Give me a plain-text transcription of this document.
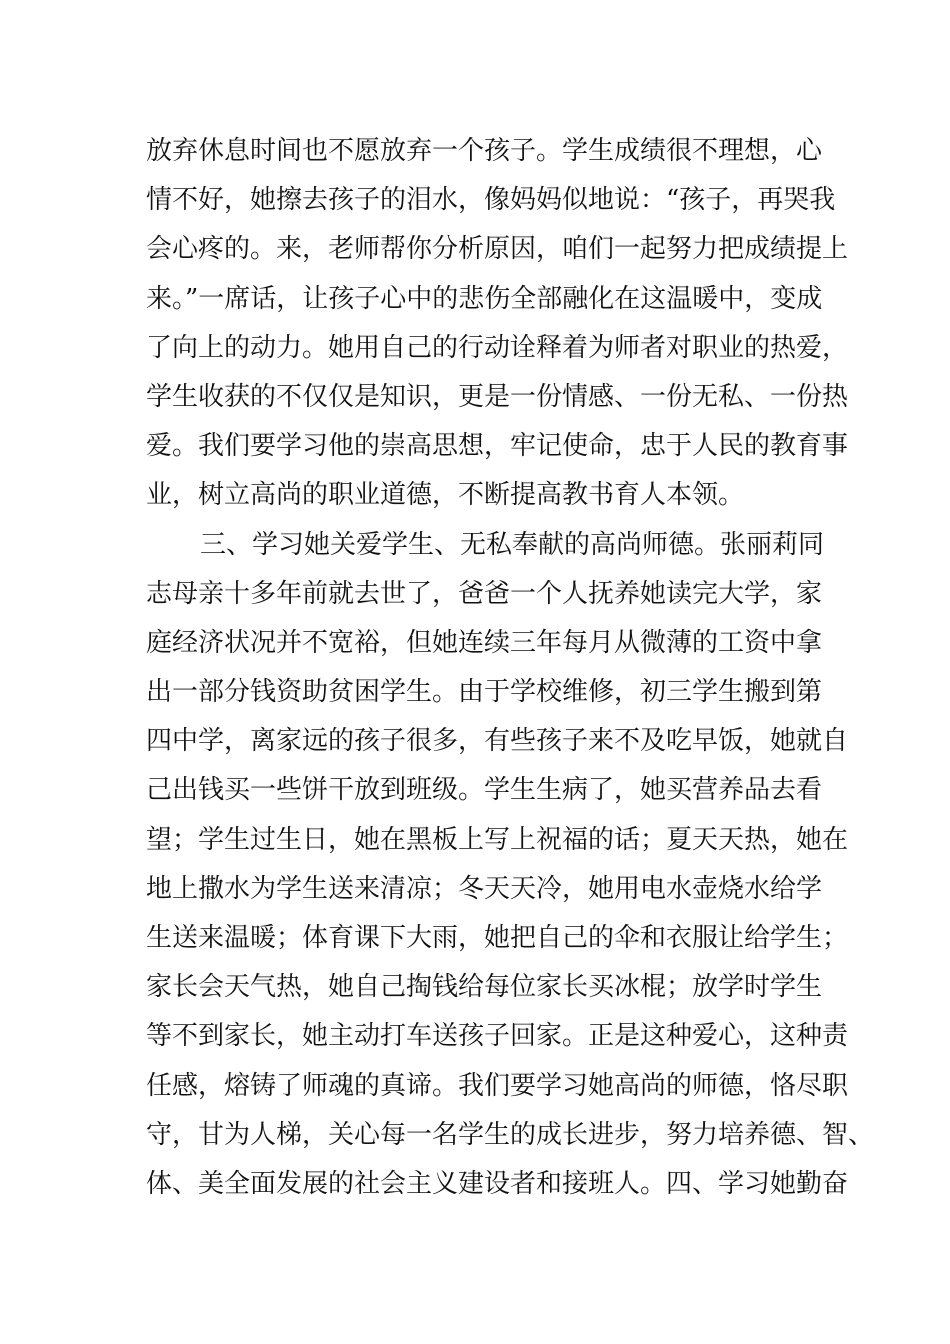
放弃休息时间也不愿放弃一个孩子。学生成绩很不理想，心
情不好，她擦去孩子的泪水，像妈妈似地说：“孩子，再哭我
会心疼的。来，老师帮你分析原因，咱们一起努力把成绩提上
来。”一席话，让孩子心中的悲伤全部融化在这温暖中，变成
了向上的动力。她用自己的行动诠释着为师者对职业的热爱，
学生收获的不仅仅是知识，更是一份情感、一份无私、一份热
爱。我们要学习他的崇高思想，牢记使命，忠于人民的教育事
业，树立高尚的职业道德，不断提高教书育人本领。
三、学习她关爱学生、无私奉献的高尚师德。张丽莉同
志母亲十多年前就去世了，爸爸一个人抚养她读完大学，家
庭经济状况并不宽裕，但她连续三年每月从微薄的工资中拿
出一部分钱资助贫困学生。由于学校维修，初三学生搬到第
四中学，离家远的孩子很多，有些孩子来不及吃早饭，她就自
己出钱买一些饼干放到班级。学生生病了，她买营养品去看
望；学生过生日，她在黑板上写上祝福的话；夏天天热，她在
地上撒水为学生送来清凉；冬天天冷，她用电水壶烧水给学
生送来温暖；体育课下大雨，她把自己的伞和衣服让给学生；
家长会天气热，她自己掏钱给每位家长买冰棍；放学时学生
等不到家长，她主动打车送孩子回家。正是这种爱心，这种责
任感，熔铸了师魂的真谛。我们要学习她高尚的师德，恪尽职
守，甘为人梯，关心每一名学生的成长进步，努力培养德、智、
体、美全面发展的社会主义建设者和接班人。四、学习她勤奋
